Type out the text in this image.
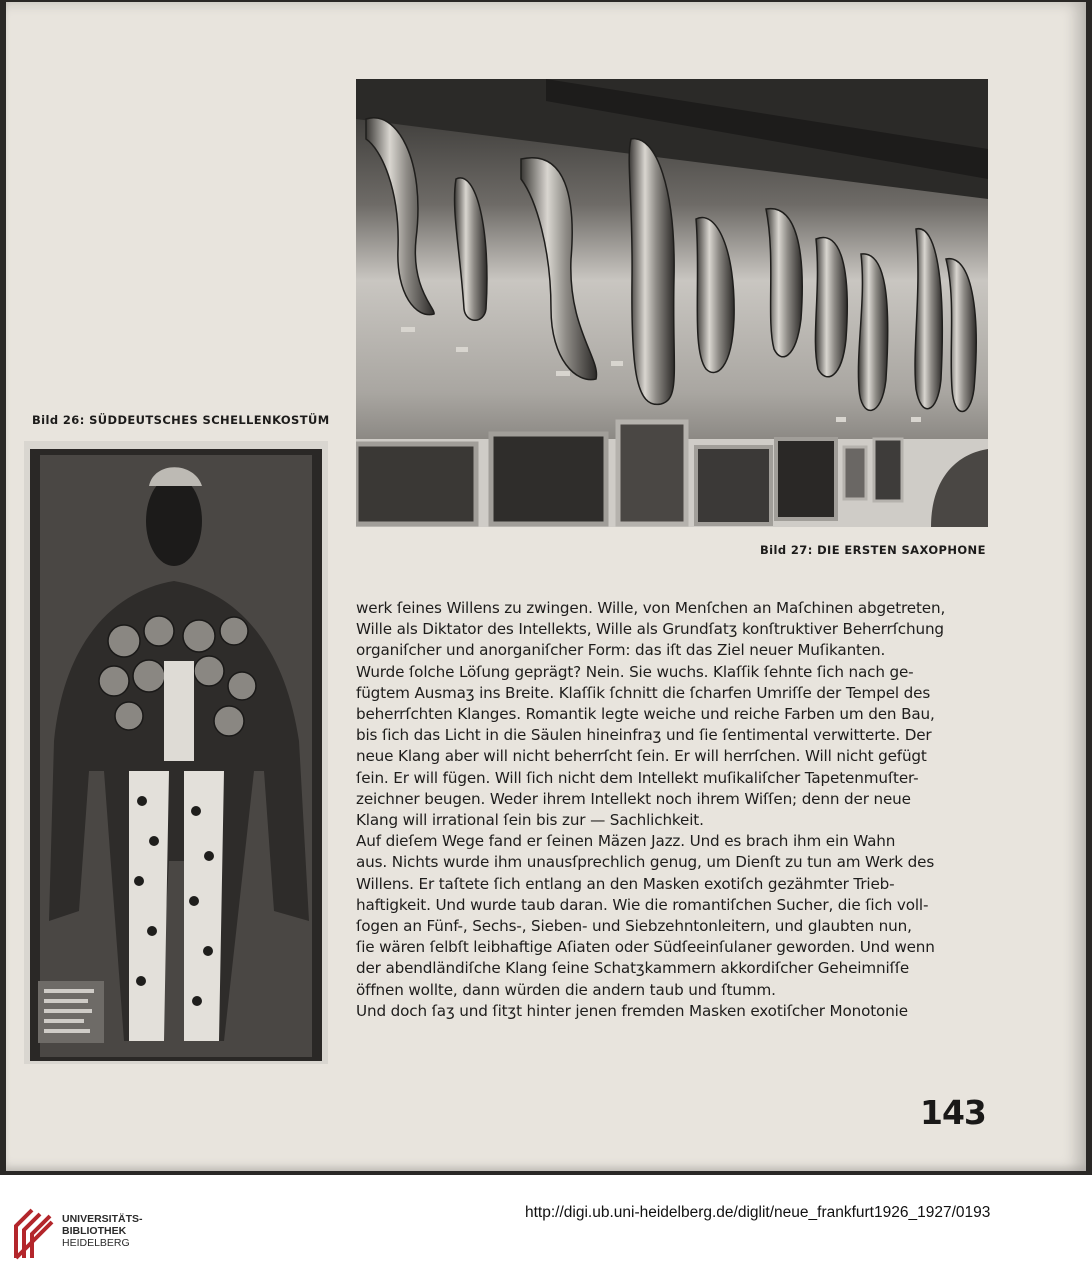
Bild 26: SÜDDEUTSCHES SCHELLENKOSTÜM
Bild 27: DIE ERSTEN SAXOPHONE
werk ſeines Willens zu zwingen. Wille, von Menſchen an Maſchinen abgetreten,
Wille als Diktator des Intellekts, Wille als Grundſatʒ konſtruktiver Beherrſchung
organiſcher und anorganiſcher Form: das iſt das Ziel neuer Muſikanten.
Wurde ſolche Löſung geprägt? Nein. Sie wuchs. Klaſſik ſehnte ſich nach ge-
fügtem Ausmaʒ ins Breite. Klaſſik ſchnitt die ſcharfen Umriſſe der Tempel des
beherrſchten Klanges. Romantik legte weiche und reiche Farben um den Bau,
bis ſich das Licht in die Säulen hineinfraʒ und ſie ſentimental verwitterte. Der
neue Klang aber will nicht beherrſcht ſein. Er will herrſchen. Will nicht gefügt
ſein. Er will fügen. Will ſich nicht dem Intellekt muſikaliſcher Tapetenmuſter-
zeichner beugen. Weder ihrem Intellekt noch ihrem Wiſſen; denn der neue
Klang will irrational ſein bis zur — Sachlichkeit.
Auf dieſem Wege fand er ſeinen Mäzen Jazz. Und es brach ihm ein Wahn
aus. Nichts wurde ihm unausſprechlich genug, um Dienſt zu tun am Werk des
Willens. Er taſtete ſich entlang an den Masken exotiſch gezähmter Trieb-
haftigkeit. Und wurde taub daran. Wie die romantiſchen Sucher, die ſich voll-
ſogen an Fünf-, Sechs-, Sieben- und Siebzehntonleitern, und glaubten nun,
ſie wären ſelbſt leibhaftige Aſiaten oder Südſeeinſulaner geworden. Und wenn
der abendländiſche Klang ſeine Schatʒkammern akkordiſcher Geheimniſſe
öffnen wollte, dann würden die andern taub und ſtumm.
Und doch ſaʒ und ſitʒt hinter jenen fremden Masken exotiſcher Monotonie
143
UNIVERSITÄTS-
BIBLIOTHEK
HEIDELBERG
http://digi.ub.uni-heidelberg.de/diglit/neue_frankfurt1926_1927/0193
